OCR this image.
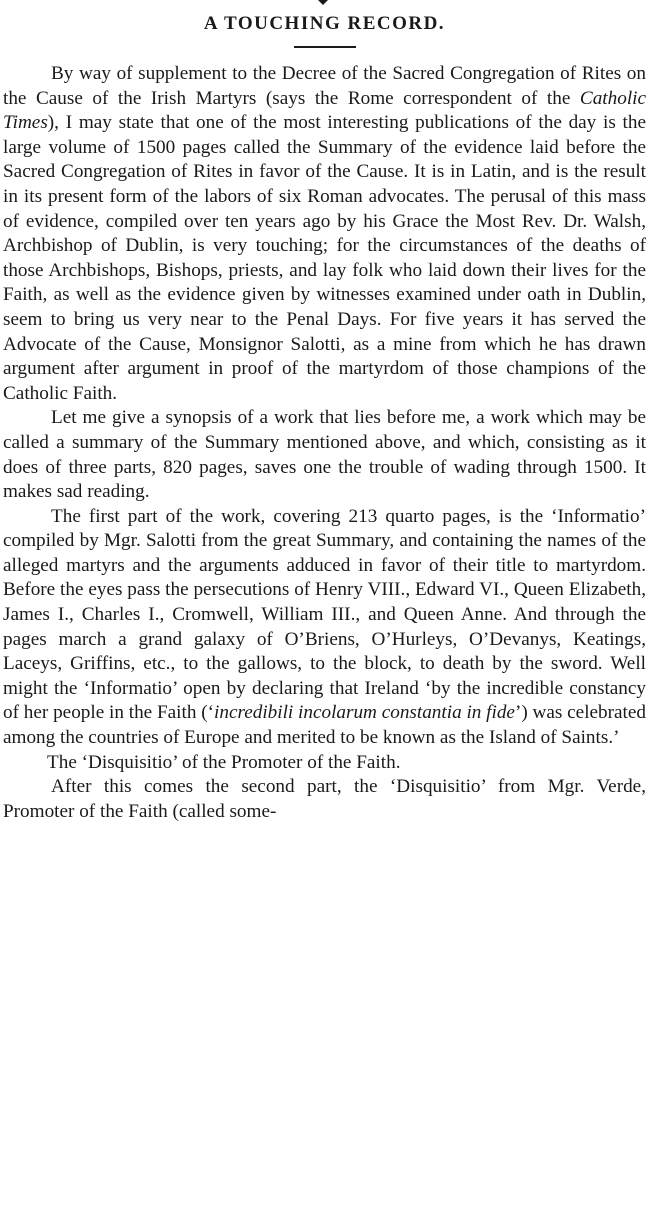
A TOUCHING RECORD.

By way of supplement to the Decree of the Sacred Congregation of Rites on the Cause of the Irish Martyrs (says the Rome correspondent of the Catholic Times), I may state that one of the most interesting publications of the day is the large volume of 1500 pages called the Summary of the evidence laid before the Sacred Congregation of Rites in favor of the Cause. It is in Latin, and is the result in its present form of the labors of six Roman advocates. The perusal of this mass of evidence, compiled over ten years ago by his Grace the Most Rev. Dr. Walsh, Archbishop of Dublin, is very touching; for the circumstances of the deaths of those Archbishops, Bishops, priests, and lay folk who laid down their lives for the Faith, as well as the evidence given by witnesses examined under oath in Dublin, seem to bring us very near to the Penal Days. For five years it has served the Advocate of the Cause, Monsignor Salotti, as a mine from which he has drawn argument after argument in proof of the martyrdom of those champions of the Catholic Faith.

Let me give a synopsis of a work that lies before me, a work which may be called a summary of the Summary mentioned above, and which, consisting as it does of three parts, 820 pages, saves one the trouble of wading through 1500. It makes sad reading.

The first part of the work, covering 213 quarto pages, is the ‘Informatio’ compiled by Mgr. Salotti from the great Summary, and containing the names of the alleged martyrs and the arguments adduced in favor of their title to martyrdom. Before the eyes pass the persecutions of Henry VIII., Edward VI., Queen Elizabeth, James I., Charles I., Cromwell, William III., and Queen Anne. And through the pages march a grand galaxy of O’Briens, O’Hurleys, O’Devanys, Keatings, Laceys, Griffins, etc., to the gallows, to the block, to death by the sword. Well might the ‘Informatio’ open by declaring that Ireland ‘by the incredible constancy of her people in the Faith (‘incredibili incolarum constantia in fide’) was celebrated among the countries of Europe and merited to be known as the Island of Saints.’

The ‘Disquisitio’ of the Promoter of the Faith.

After this comes the second part, the ‘Disquisitio’ from Mgr. Verde, Promoter of the Faith (called some-
